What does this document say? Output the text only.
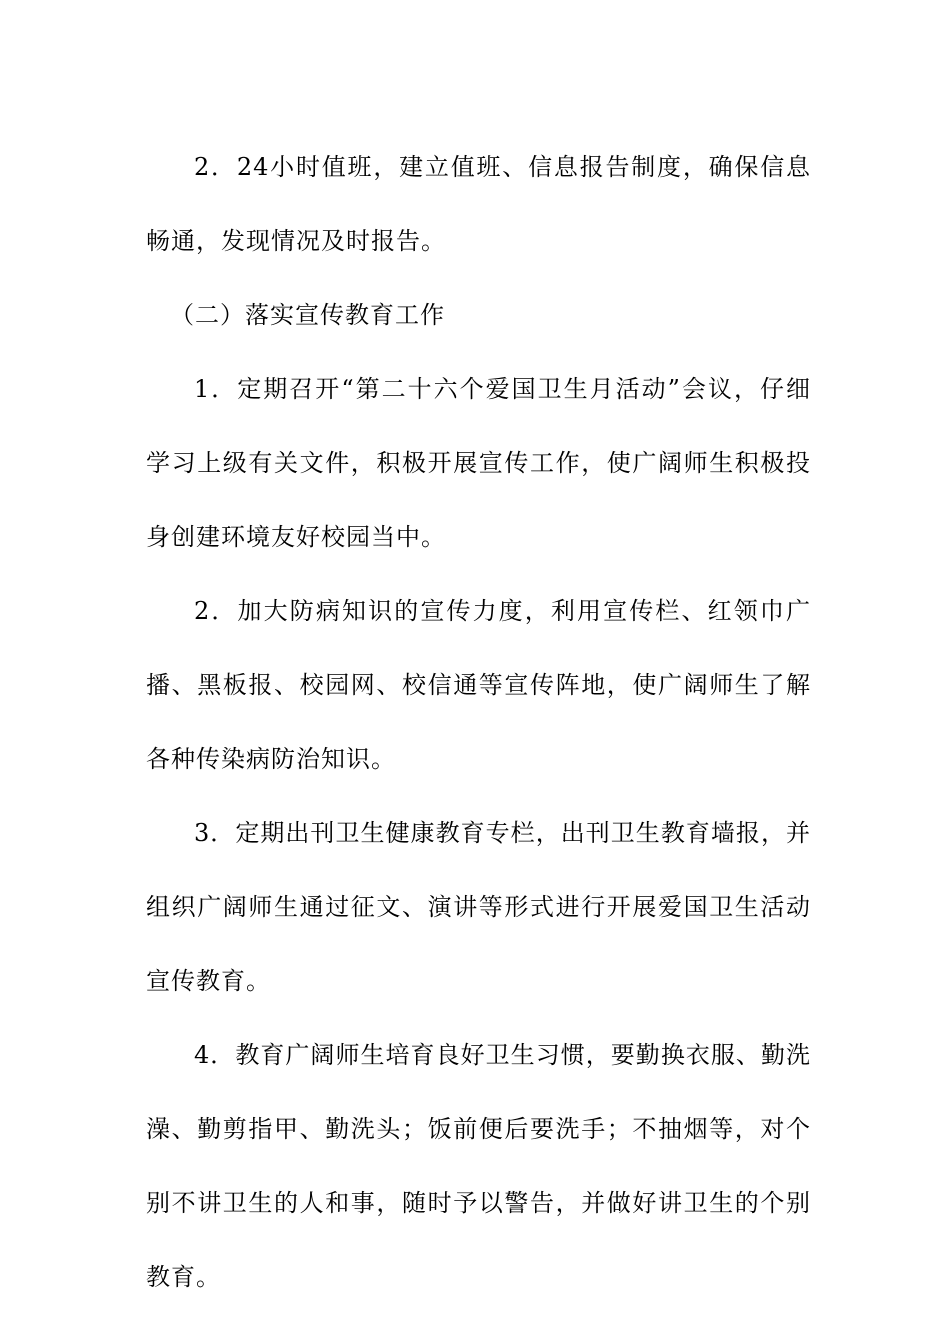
2．24小时值班，建立值班、信息报告制度，确保信息畅通，发现情况及时报告。

（二）落实宣传教育工作

1．定期召开“第二十六个爱国卫生月活动”会议，仔细学习上级有关文件，积极开展宣传工作，使广阔师生积极投身创建环境友好校园当中。

2．加大防病知识的宣传力度，利用宣传栏、红领巾广播、黑板报、校园网、校信通等宣传阵地，使广阔师生了解各种传染病防治知识。

3．定期出刊卫生健康教育专栏，出刊卫生教育墙报，并组织广阔师生通过征文、演讲等形式进行开展爱国卫生活动宣传教育。

4．教育广阔师生培育良好卫生习惯，要勤换衣服、勤洗澡、勤剪指甲、勤洗头；饭前便后要洗手；不抽烟等，对个别不讲卫生的人和事，随时予以警告，并做好讲卫生的个别教育。
